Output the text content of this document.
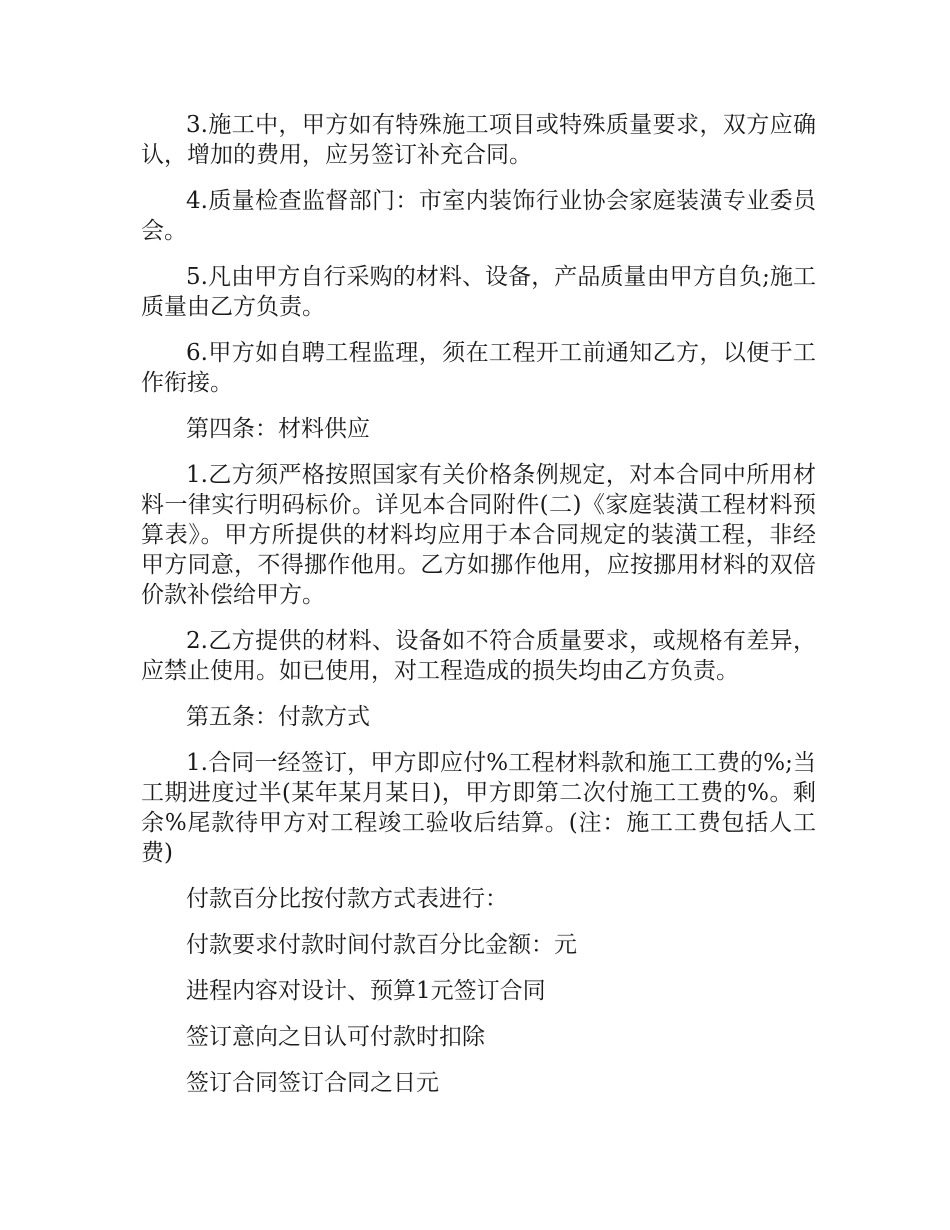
3.施工中，甲方如有特殊施工项目或特殊质量要求，双方应确认，增加的费用，应另签订补充合同。

4.质量检查监督部门：市室内装饰行业协会家庭装潢专业委员会。

5.凡由甲方自行采购的材料、设备，产品质量由甲方自负;施工质量由乙方负责。

6.甲方如自聘工程监理，须在工程开工前通知乙方，以便于工作衔接。

第四条：材料供应

1.乙方须严格按照国家有关价格条例规定，对本合同中所用材料一律实行明码标价。详见本合同附件(二)《家庭装潢工程材料预算表》。甲方所提供的材料均应用于本合同规定的装潢工程，非经甲方同意，不得挪作他用。乙方如挪作他用，应按挪用材料的双倍价款补偿给甲方。

2.乙方提供的材料、设备如不符合质量要求，或规格有差异，应禁止使用。如已使用，对工程造成的损失均由乙方负责。

第五条：付款方式

1.合同一经签订，甲方即应付%工程材料款和施工工费的%;当工期进度过半(某年某月某日)，甲方即第二次付施工工费的%。剩余%尾款待甲方对工程竣工验收后结算。(注：施工工费包括人工费)

付款百分比按付款方式表进行：

付款要求付款时间付款百分比金额：元

进程内容对设计、预算1元签订合同

签订意向之日认可付款时扣除

签订合同签订合同之日元
